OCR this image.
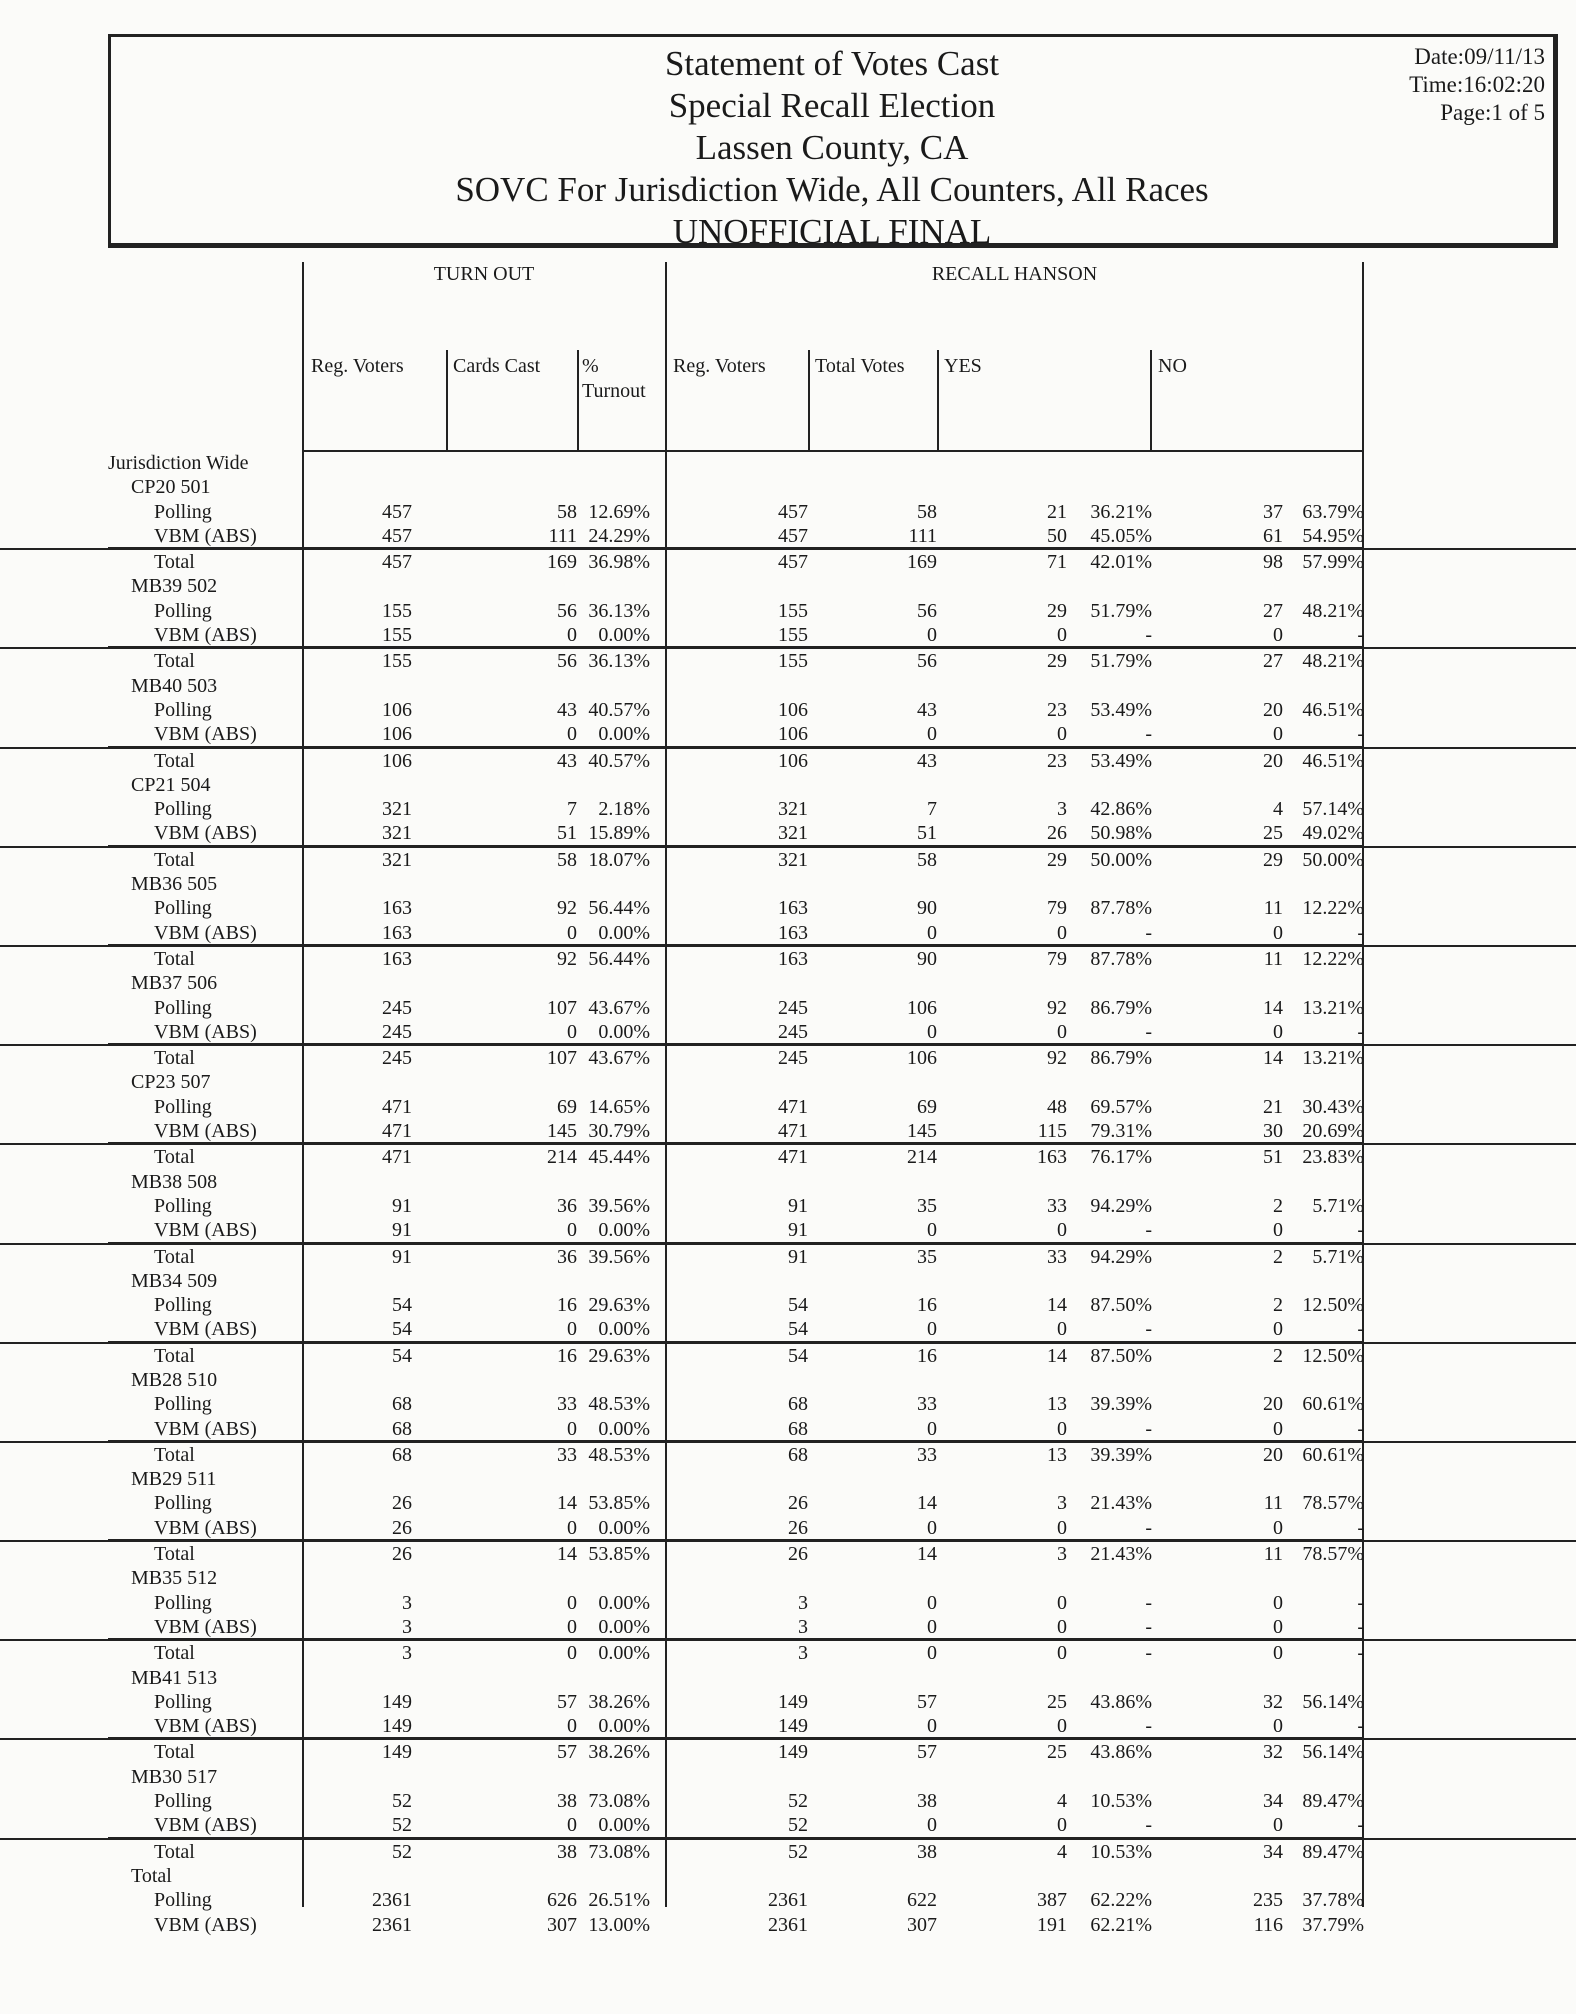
Statement of Votes Cast
Special Recall Election
Lassen County, CA
SOVC For Jurisdiction Wide, All Counters, All Races
UNOFFICIAL FINAL
Date:09/11/13
Time:16:02:20
Page:1 of 5
TURN OUT	RECALL HANSON
Reg. Voters Cards Cast %
Turnout
Reg. Voters Total Votes YES	NO
Jurisdiction Wide
CP20 501
Polling	457	58 12.69%	457	58	21	36.21%	37 63.79%
VBM (ABS)	457	111 24.29%	457	111	50	45.05%	61 54.95%
Total	457	169 36.98%	457	169	71	42.01%	98 57.99%
MB39 502
Polling	155	56 36.13%	155	56	29	51.79%	27 48.21%
VBM (ABS)	155	0	0.00%	155	0	0	-	0	-
Total	155	56 36.13%	155	56	29	51.79%	27 48.21%
MB40 503
Polling	106	43 40.57%	106	43	23	53.49%	20 46.51%
VBM (ABS)	106	0	0.00%	106	0	0	-	0	-
Total	106	43 40.57%	106	43	23	53.49%	20 46.51%
CP21 504
Polling	321	7	2.18%	321	7	3	42.86%	4 57.14%
VBM (ABS)	321	51 15.89%	321	51	26	50.98%	25 49.02%
Total	321	58 18.07%	321	58	29	50.00%	29 50.00%
MB36 505
Polling	163	92 56.44%	163	90	79	87.78%	11 12.22%
VBM (ABS)	163	0	0.00%	163	0	0	-	0	-
Total	163	92 56.44%	163	90	79	87.78%	11 12.22%
MB37 506
Polling	245	107 43.67%	245	106	92	86.79%	14 13.21%
VBM (ABS)	245	0	0.00%	245	0	0	-	0	-
Total	245	107 43.67%	245	106	92	86.79%	14 13.21%
CP23 507
Polling	471	69 14.65%	471	69	48	69.57%	21 30.43%
VBM (ABS)	471	145 30.79%	471	145	115	79.31%	30 20.69%
Total	471	214 45.44%	471	214	163	76.17%	51 23.83%
MB38 508
Polling	91	36 39.56%	91	35	33	94.29%	2	5.71%
VBM (ABS)	91	0	0.00%	91	0	0	-	0	-
Total	91	36 39.56%	91	35	33	94.29%	2	5.71%
MB34 509
Polling	54	16 29.63%	54	16	14	87.50%	2 12.50%
VBM (ABS)	54	0	0.00%	54	0	0	-	0	-
Total	54	16 29.63%	54	16	14	87.50%	2 12.50%
MB28 510
Polling	68	33 48.53%	68	33	13	39.39%	20 60.61%
VBM (ABS)	68	0	0.00%	68	0	0	-	0	-
Total	68	33 48.53%	68	33	13	39.39%	20 60.61%
MB29 511
Polling	26	14 53.85%	26	14	3	21.43%	11 78.57%
VBM (ABS)	26	0	0.00%	26	0	0	-	0	-
Total	26	14 53.85%	26	14	3	21.43%	11 78.57%
MB35 512
Polling	3	0	0.00%	3	0	0	-	0	-
VBM (ABS)	3	0	0.00%	3	0	0	-	0	-
Total	3	0	0.00%	3	0	0	-	0	-
MB41 513
Polling	149	57 38.26%	149	57	25	43.86%	32 56.14%
VBM (ABS)	149	0	0.00%	149	0	0	-	0	-
Total	149	57 38.26%	149	57	25	43.86%	32 56.14%
MB30 517
Polling	52	38 73.08%	52	38	4	10.53%	34 89.47%
VBM (ABS)	52	0	0.00%	52	0	0	-	0	-
Total	52	38 73.08%	52	38	4	10.53%	34 89.47%
Total
Polling	2361	626 26.51%	2361	622	387	62.22%	235 37.78%
VBM (ABS)	2361	307 13.00%	2361	307	191	62.21%	116 37.79%
